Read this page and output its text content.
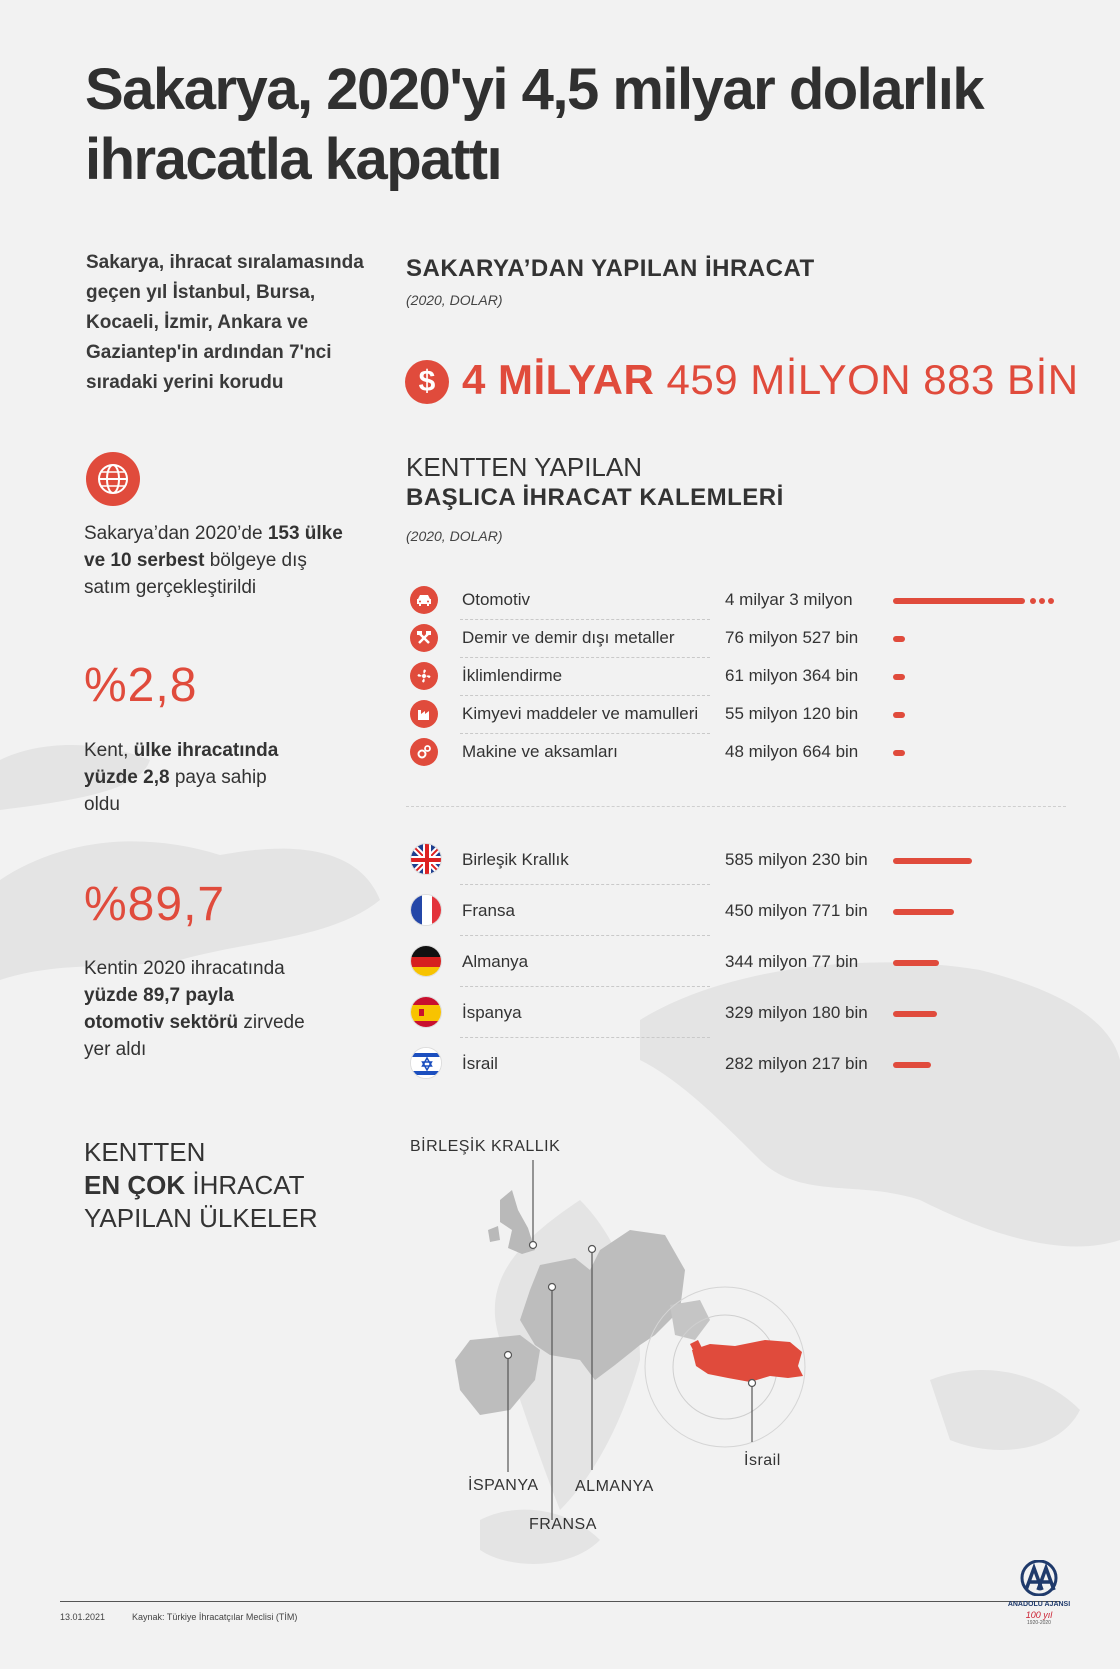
Sakarya, 2020'yi 4,5 milyar dolarlık ihracatla kapattı
Sakarya, ihracat sıralamasında geçen yıl İstanbul, Bursa, Kocaeli, İzmir, Ankara ve Gaziantep'in ardından 7'nci sıradaki yerini korudu
Sakarya’dan 2020’de 153 ülke ve 10 serbest bölgeye dış satım gerçekleştirildi
%2,8
Kent, ülke ihracatında yüzde 2,8 paya sahip oldu
%89,7
Kentin 2020 ihracatında yüzde 89,7 payla otomotiv sektörü zirvede yer aldı
KENTTEN
EN ÇOK İHRACAT
YAPILAN ÜLKELER
SAKARYA’DAN YAPILAN İHRACAT
(2020, DOLAR)
$ 4 MİLYAR 459 MİLYON 883 BİN
KENTTEN YAPILAN
BAŞLICA İHRACAT KALEMLERİ
(2020, DOLAR)
Otomotiv	4 milyar 3 milyon
Demir ve demir dışı metaller	76 milyon 527 bin
İklimlendirme	61 milyon 364 bin
Kimyevi maddeler ve mamulleri 55 milyon 120 bin
Makine ve aksamları	48 milyon 664 bin
Birleşik Krallık	585 milyon 230 bin
Fransa	450 milyon 771 bin
Almanya	344 milyon 77 bin
İspanya	329 milyon 180 bin
İsrail	282 milyon 217 bin
BİRLEŞİK KRALLIK
İSPANYA ALMANYA
FRANSA
İsrail
13.01.2021	Kaynak: Türkiye İhracatçılar Meclisi (TİM)
ANADOLU AJANSI
100 yıl
1920-2020
